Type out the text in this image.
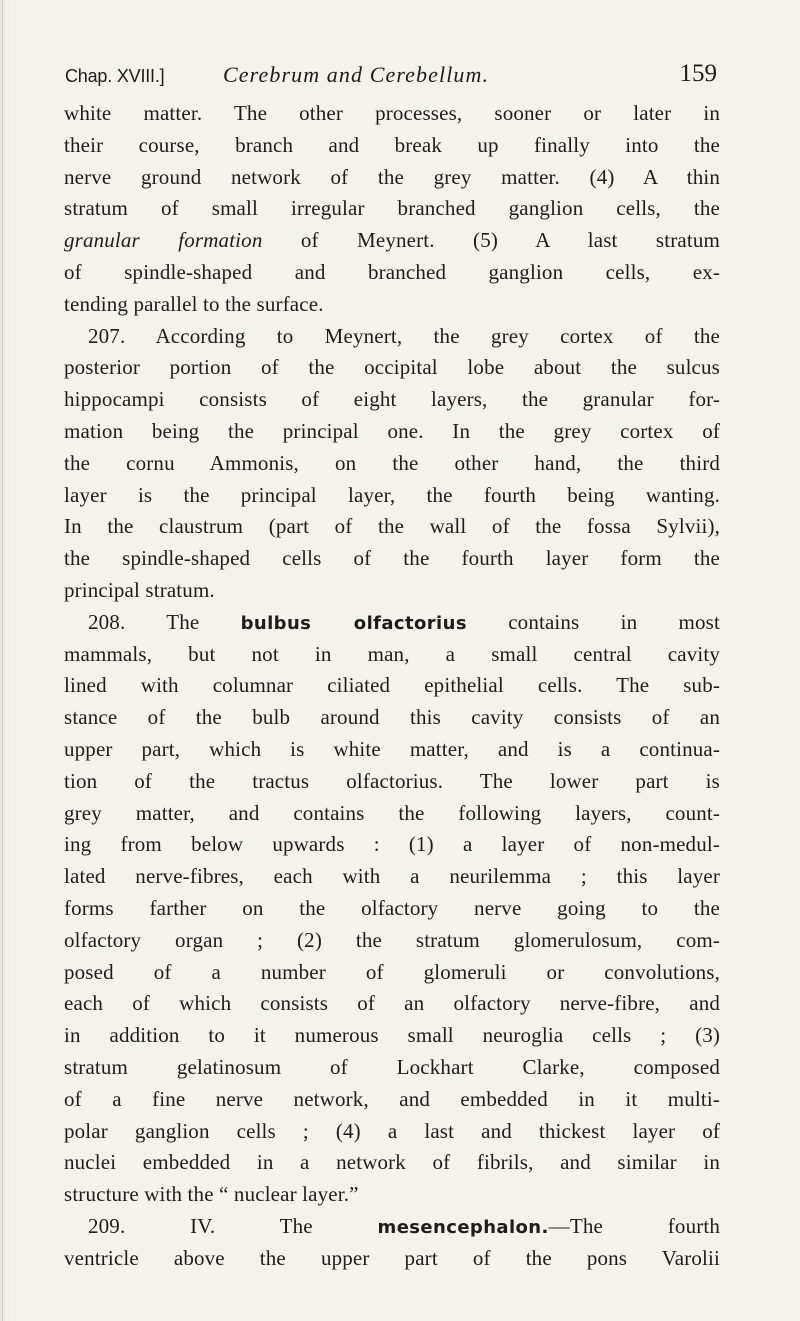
Chap. XVIII.]	Cerebrum and Cerebellum.	159
white matter. The other processes, sooner or later in
their course, branch and break up finally into the
nerve ground network of the grey matter. (4) A thin
stratum of small irregular branched ganglion cells, the
granular formation of Meynert. (5) A last stratum
of spindle-shaped and branched ganglion cells, ex-
tending parallel to the surface.
207. According to Meynert, the grey cortex of the
posterior portion of the occipital lobe about the sulcus
hippocampi consists of eight layers, the granular for-
mation being the principal one. In the grey cortex of
the cornu Ammonis, on the other hand, the third
layer is the principal layer, the fourth being wanting.
In the claustrum (part of the wall of the fossa Sylvii),
the spindle-shaped cells of the fourth layer form the
principal stratum.
208. The bulbus olfactorius contains in most
mammals, but not in man, a small central cavity
lined with columnar ciliated epithelial cells. The sub-
stance of the bulb around this cavity consists of an
upper part, which is white matter, and is a continua-
tion of the tractus olfactorius. The lower part is
grey matter, and contains the following layers, count-
ing from below upwards : (1) a layer of non-medul-
lated nerve-fibres, each with a neurilemma ; this layer
forms farther on the olfactory nerve going to the
olfactory organ ; (2) the stratum glomerulosum, com-
posed of a number of glomeruli or convolutions,
each of which consists of an olfactory nerve-fibre, and
in addition to it numerous small neuroglia cells ; (3)
stratum gelatinosum of Lockhart Clarke, composed
of a fine nerve network, and embedded in it multi-
polar ganglion cells ; (4) a last and thickest layer of
nuclei embedded in a network of fibrils, and similar in
structure with the “ nuclear layer.”
209. IV. The mesencephalon.—The fourth
ventricle above the upper part of the pons Varolii
